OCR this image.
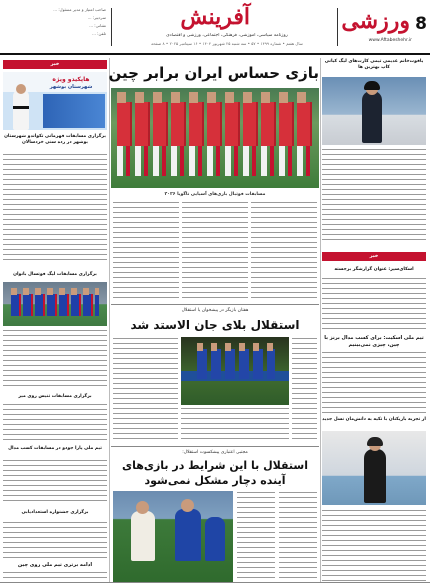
8
www.Aftabeshehr.ir
ورزشی
آفرینش
روزنامه سیاسی، آموزشی، فرهنگی، اجتماعی، ورزشی و اقتصادی
سال هفتم • شماره ۱۴۹۹ • ۵۷ • سه شنبه ۲۵ شهریور ۱۴۰۴ • ۱۶ سپتامبر ۲۰۲۵ • ۸ صفحه
صاحب امتیاز و مدیر مسئول: ...
سردبیر: ...
نشانی: ...
تلفن: ...
یاقوت‌خانم عدیمی تیمی کارت‌های لیگ کیانی کاپ بهترین ها
خبر
اسکای‌سپر: عنوان گزارشگر برجسته
تیم ملی اسکیت: برای کسب مدال برنز با چین، چیزی نمی‌بینیم
از تجربه بازیکنان با تکیه به دانش‌مان نسل جدید
خبر
هاپکیدو ویژه
شهرستان بوشهر
برگزاری مسابقات قهرمانی تکواندو شهرستان بوشهر در رده سنی خردسالان
برگزاری مسابقات لیگ فوتسال بانوان
برگزاری مسابقات تنیس روی میز
تیم ملی پارا جودو در مسابقات کسب مدال
برگزاری جشنواره استعدادیابی
ادامه برتری تیم ملی روی چین
بازی حساس ایران برابر چین
مسابقات فوتبال بازی‌های آسیایی ناگویا ۲۰۲۶
هفتان بازیگر در پیشخوان یا استقلال
استقلال بلای جان الاستد شد
مجتبی اعتباری پیشکسوت استقلال:
استقلال با این شرایط در بازی‌های آینده دچار مشکل نمی‌شود
